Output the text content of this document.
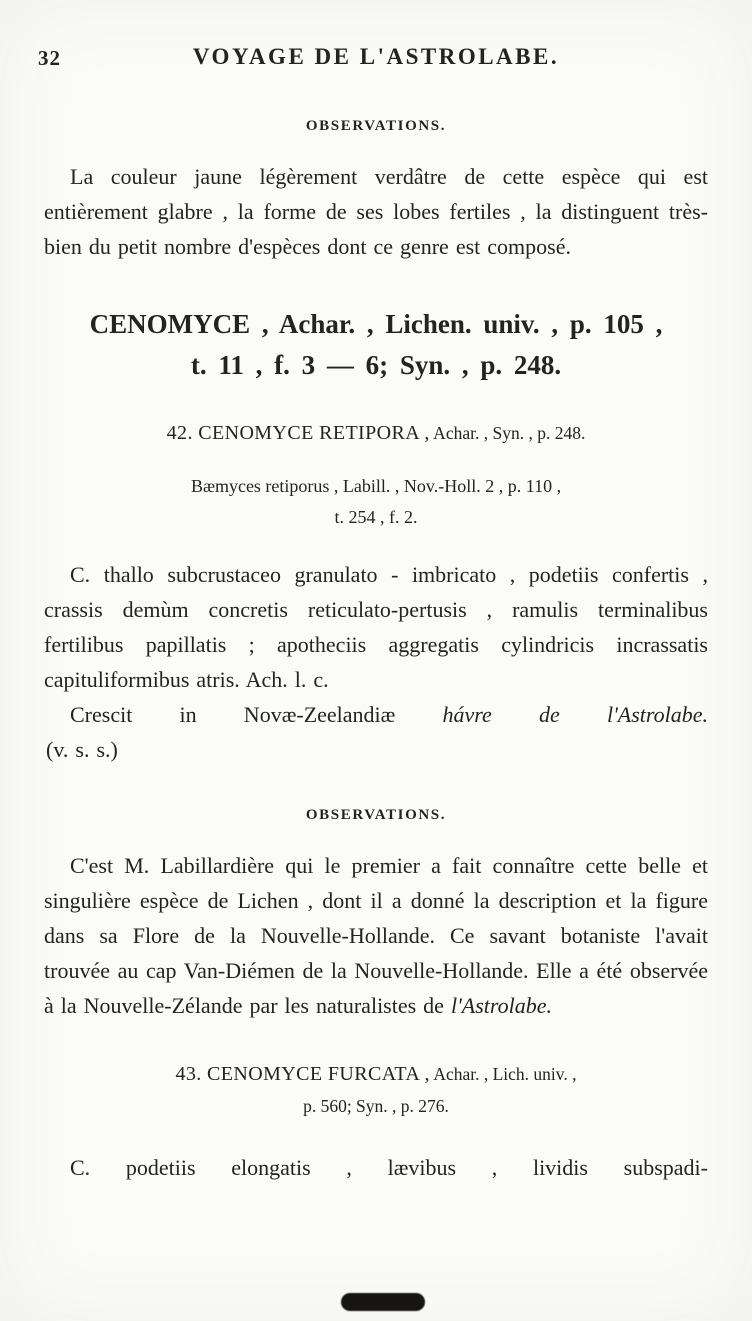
32	VOYAGE DE L'ASTROLABE.
OBSERVATIONS.

La couleur jaune légèrement verdâtre de cette espèce qui est entièrement glabre , la forme de ses lobes fertiles , la distinguent très-bien du petit nombre d'espèces dont ce genre est composé.

CENOMYCE , Achar. , Lichen. univ. , p. 105 ,
t. 11 , f. 3 — 6; Syn. , p. 248.

42. CENOMYCE RETIPORA , Achar. , Syn. , p. 248.

Bæmyces retiporus , Labill. , Nov.-Holl. 2 , p. 110 ,
t. 254 , f. 2.

C. thallo subcrustaceo granulato - imbricato , podetiis confertis , crassis demùm concretis reticulato-pertusis , ramulis terminalibus fertilibus papillatis ; apotheciis aggregatis cylindricis incrassatis capituliformibus atris. Ach. l. c.

Crescit in Novæ-Zeelandiæ hávre de l'Astrolabe.

(v. s. s.)

OBSERVATIONS.

C'est M. Labillardière qui le premier a fait connaître cette belle et singulière espèce de Lichen , dont il a donné la description et la figure dans sa Flore de la Nouvelle-Hollande. Ce savant botaniste l'avait trouvée au cap Van-Diémen de la Nouvelle-Hollande. Elle a été observée à la Nouvelle-Zélande par les naturalistes de l'Astrolabe.

43. CENOMYCE FURCATA , Achar. , Lich. univ. ,
p. 560; Syn. , p. 276.

C. podetiis elongatis , lævibus , lividis subspadi-
